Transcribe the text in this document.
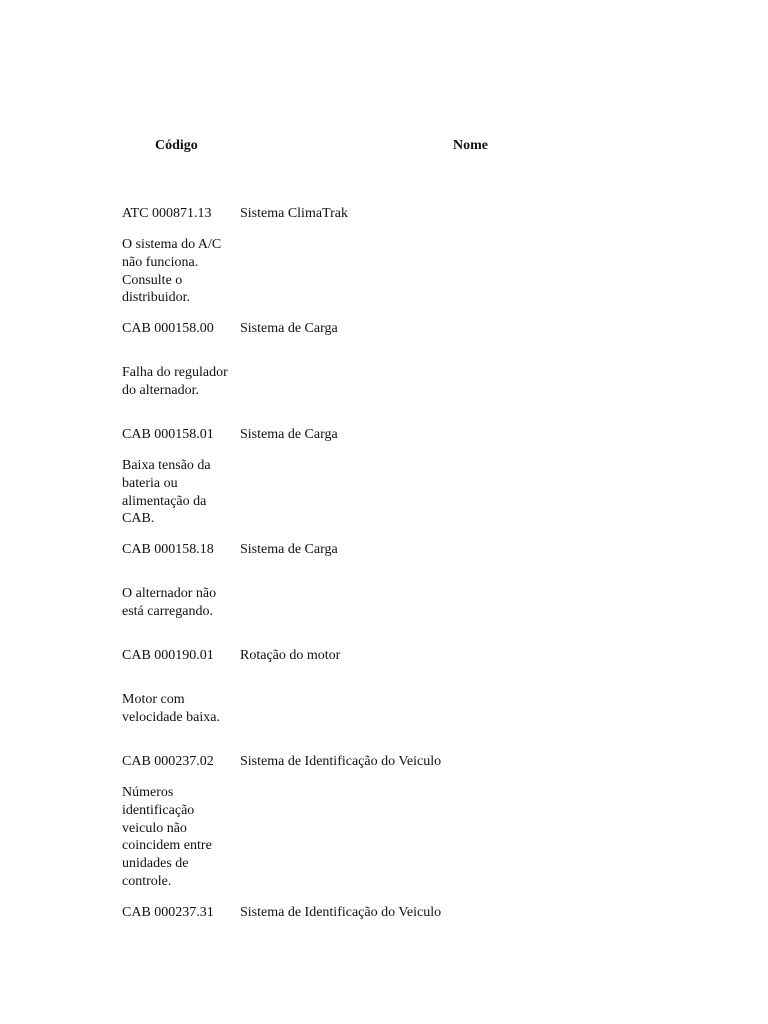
Código	Nome
ATC 000871.13 Sistema ClimaTrak
O sistema do A/C
não funciona.
Consulte o
distribuidor.
CAB 000158.00 Sistema de Carga
Falha do regulador
do alternador.
CAB 000158.01 Sistema de Carga
Baixa tensão da
bateria ou
alimentação da
CAB.
CAB 000158.18 Sistema de Carga
O alternador não
está carregando.
CAB 000190.01 Rotação do motor
Motor com
velocidade baixa.
CAB 000237.02 Sistema de Identificação do Veiculo
Números
identificação
veiculo não
coincidem entre
unidades de
controle.
CAB 000237.31 Sistema de Identificação do Veiculo
